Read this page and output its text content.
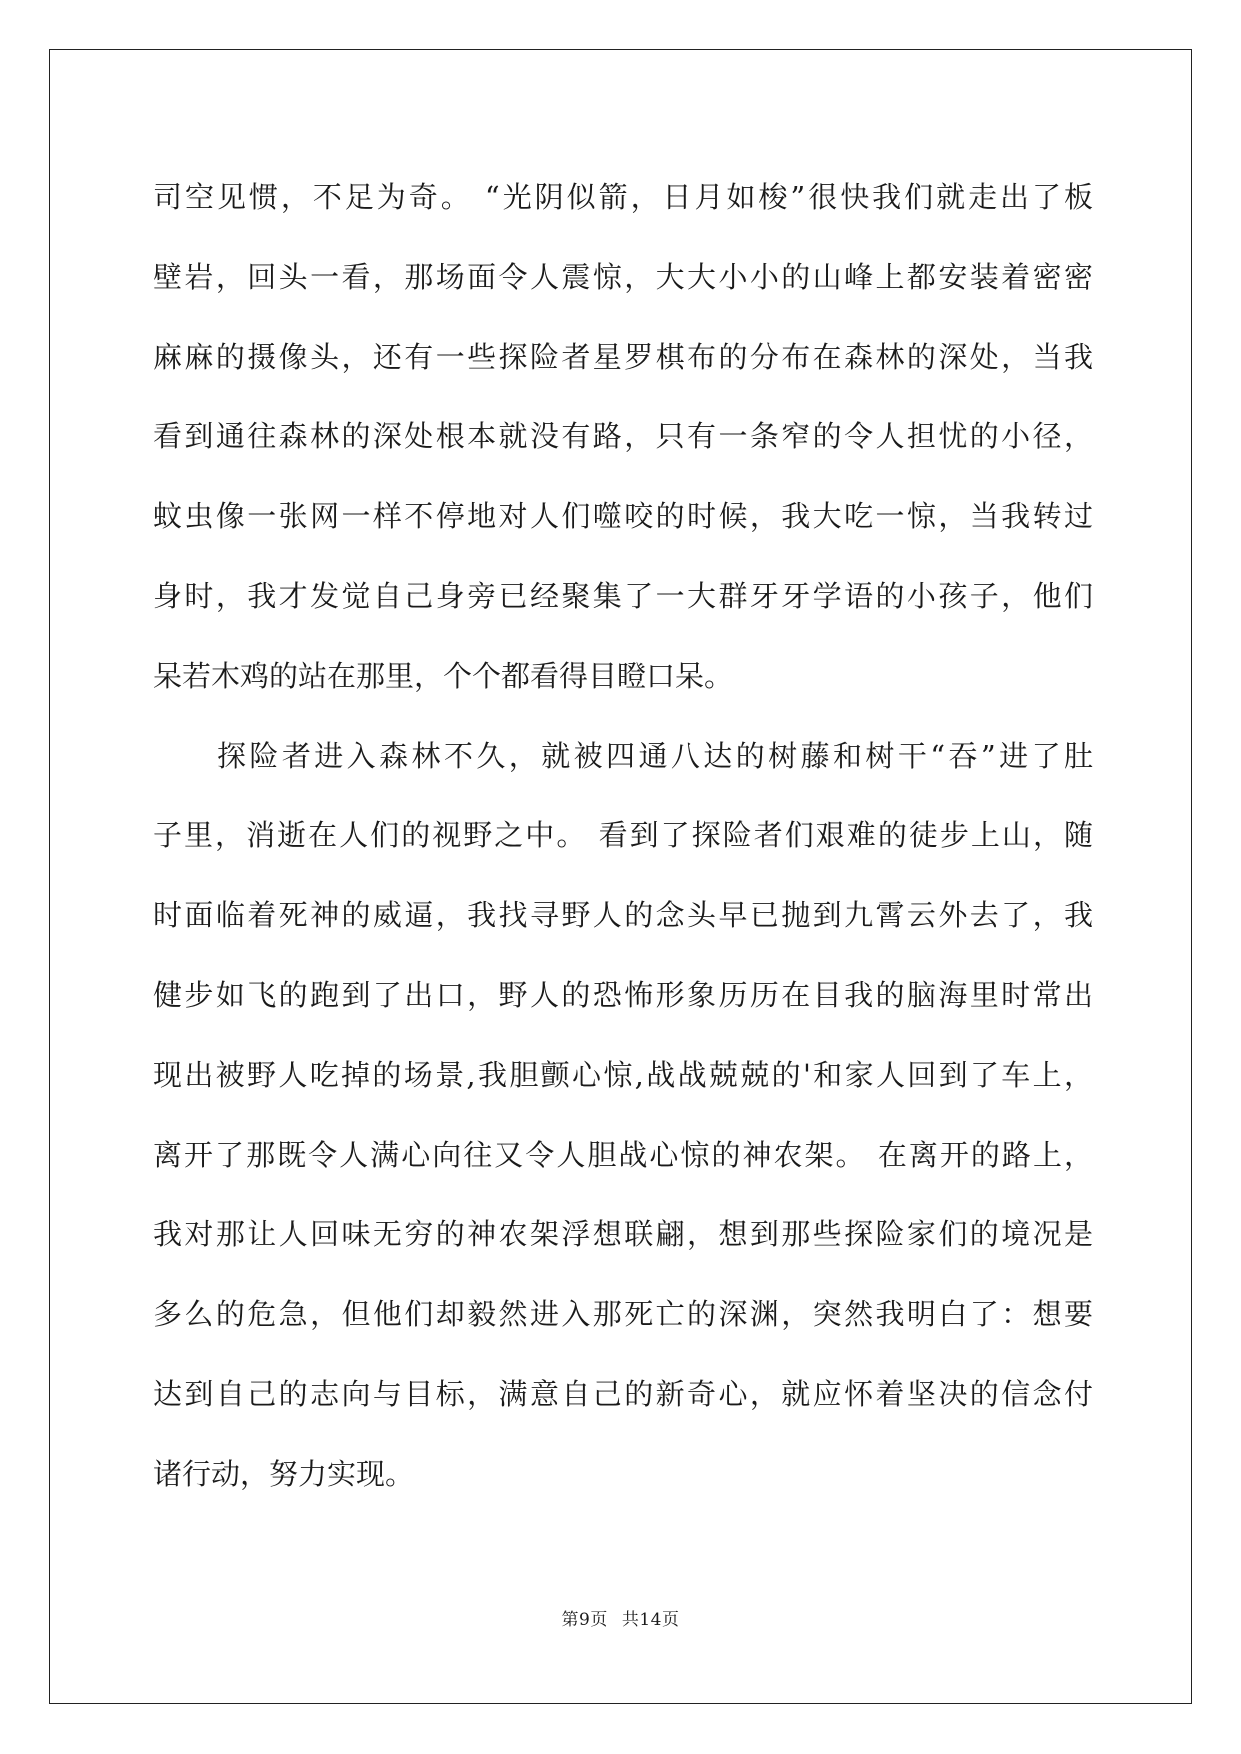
司空见惯，不足为奇。 “光阴似箭，日月如梭”很快我们就走出了板
壁岩，回头一看，那场面令人震惊，大大小小的山峰上都安装着密密
麻麻的摄像头，还有一些探险者星罗棋布的分布在森林的深处，当我
看到通往森林的深处根本就没有路，只有一条窄的令人担忧的小径，
蚊虫像一张网一样不停地对人们噬咬的时候，我大吃一惊，当我转过
身时，我才发觉自己身旁已经聚集了一大群牙牙学语的小孩子，他们
呆若木鸡的站在那里，个个都看得目瞪口呆。
探险者进入森林不久，就被四通八达的树藤和树干“吞”进了肚
子里，消逝在人们的视野之中。 看到了探险者们艰难的徒步上山，随
时面临着死神的威逼，我找寻野人的念头早已抛到九霄云外去了，我
健步如飞的跑到了出口，野人的恐怖形象历历在目我的脑海里时常出
现出被野人吃掉的场景,我胆颤心惊,战战兢兢的'和家人回到了车上，
离开了那既令人满心向往又令人胆战心惊的神农架。 在离开的路上，
我对那让人回味无穷的神农架浮想联翩，想到那些探险家们的境况是
多么的危急，但他们却毅然进入那死亡的深渊，突然我明白了：想要
达到自己的志向与目标，满意自己的新奇心，就应怀着坚决的信念付
诸行动，努力实现。
第9页 共14页
